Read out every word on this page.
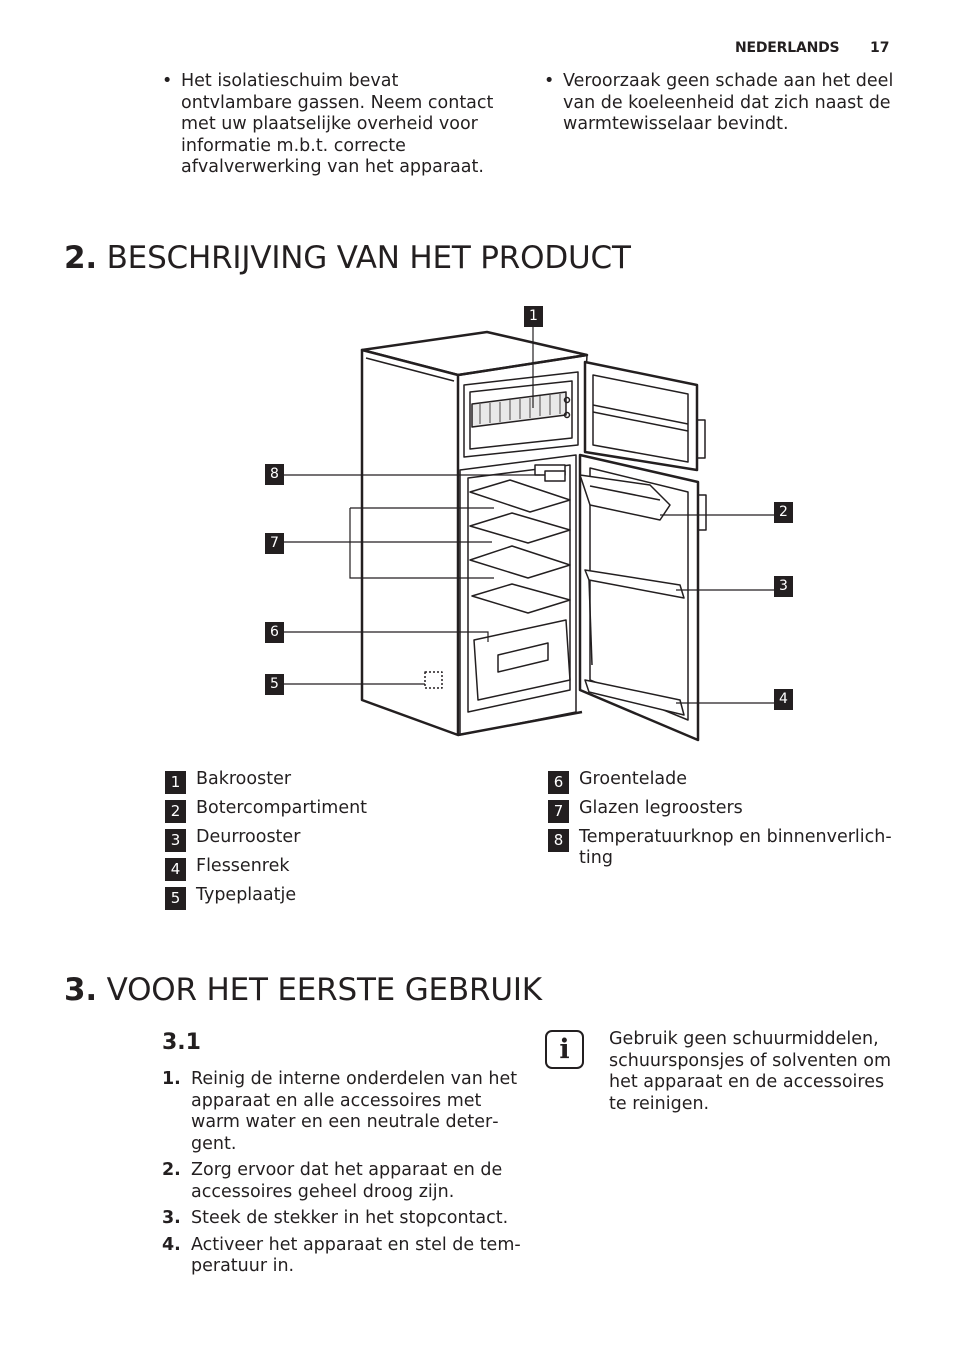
NEDERLANDS 17
• Het isolatieschuim bevat ontvlambare gassen. Neem contact met uw plaatselijke overheid voor informatie m.b.t. correcte afvalverwerking van het apparaat.
• Veroorzaak geen schade aan het deel van de koeleenheid dat zich naast de warmtewisselaar bevindt.
2. BESCHRIJVING VAN HET PRODUCT
1
2
3
4
5
6
7
8
1 Bakrooster
2 Botercompartiment
3 Deurrooster
4 Flessenrek
5 Typeplaatje
6 Groentelade
7 Glazen legroosters
8 Temperatuurknop en binnenverlichting
3. VOOR HET EERSTE GEBRUIK
3.1
1. Reinig de interne onderdelen van het apparaat en alle accessoires met warm water en een neutrale detergent.
2. Zorg ervoor dat het apparaat en de accessoires geheel droog zijn.
3. Steek de stekker in het stopcontact.
4. Activeer het apparaat en stel de temperatuur in.
i	Gebruik geen schuurmiddelen, schuursponsjes of solventen om het apparaat en de accessoires te reinigen.
